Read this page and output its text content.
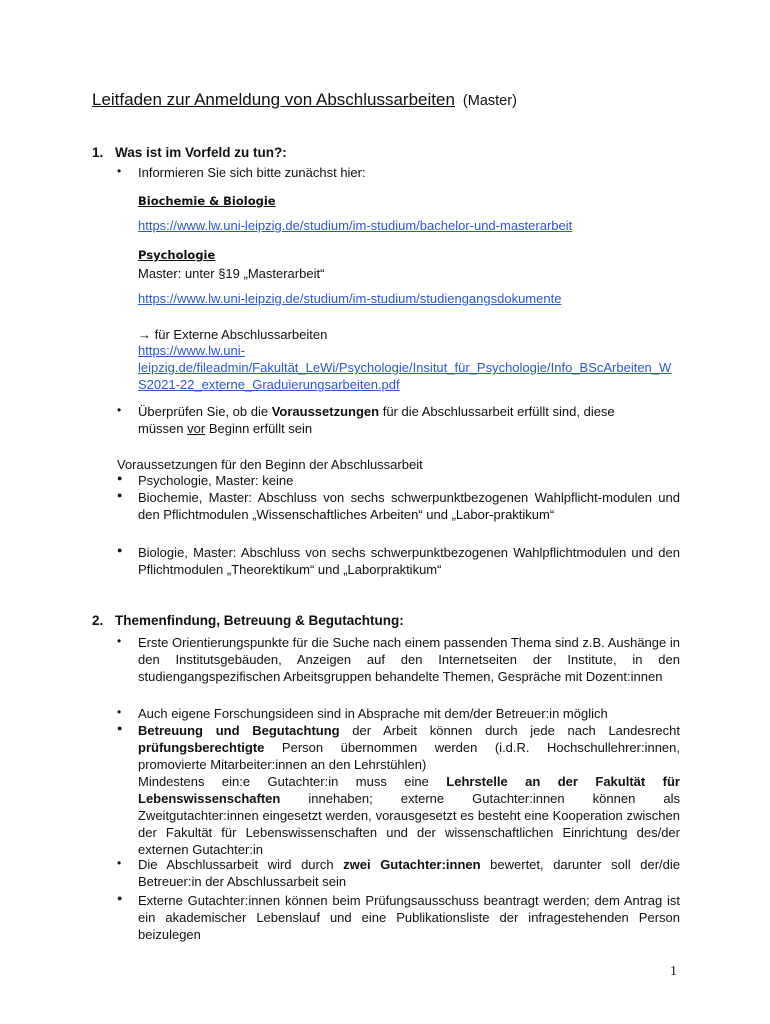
Leitfaden zur Anmeldung von Abschlussarbeiten (Master)
1. Was ist im Vorfeld zu tun?:
• Informieren Sie sich bitte zunächst hier:
Biochemie & Biologie
https://www.lw.uni-leipzig.de/studium/im-studium/bachelor-und-masterarbeit
Psychologie
Master: unter §19 „Masterarbeit“
https://www.lw.uni-leipzig.de/studium/im-studium/studiengangsdokumente
→ für Externe Abschlussarbeiten
https://www.lw.uni-
leipzig.de/fileadmin/Fakultät_LeWi/Psychologie/Insitut_für_Psychologie/Info_BScArbeiten_W
S2021-22_externe_Graduierungsarbeiten.pdf
• Überprüfen Sie, ob die Voraussetzungen für die Abschlussarbeit erfüllt sind, diese
müssen vor Beginn erfüllt sein
Voraussetzungen für den Beginn der Abschlussarbeit
● Psychologie, Master: keine
● Biochemie, Master: Abschluss von sechs schwerpunktbezogenen Wahlpflicht-modulen und den Pflichtmodulen „Wissenschaftliches Arbeiten“ und „Labor-praktikum“
● Biologie, Master: Abschluss von sechs schwerpunktbezogenen Wahlpflichtmodulen und den Pflichtmodulen „Theorektikum“ und „Laborpraktikum“
2. Themenfindung, Betreuung & Begutachtung:
• Erste Orientierungspunkte für die Suche nach einem passenden Thema sind z.B. Aushänge in den Institutsgebäuden, Anzeigen auf den Internetseiten der Institute, in den studiengangspezifischen Arbeitsgruppen behandelte Themen, Gespräche mit Dozent:innen
• Auch eigene Forschungsideen sind in Absprache mit dem/der Betreuer:in möglich
● Betreuung und Begutachtung der Arbeit können durch jede nach Landesrecht prüfungsberechtigte Person übernommen werden (i.d.R. Hochschullehrer:innen, promovierte Mitarbeiter:innen an den Lehrstühlen)
Mindestens ein:e Gutachter:in muss eine Lehrstelle an der Fakultät für Lebenswissenschaften innehaben; externe Gutachter:innen können als Zweitgutachter:innen eingesetzt werden, vorausgesetzt es besteht eine Kooperation zwischen der Fakultät für Lebenswissenschaften und der wissenschaftlichen Einrichtung des/der externen Gutachter:in
• Die Abschlussarbeit wird durch zwei Gutachter:innen bewertet, darunter soll der/die Betreuer:in der Abschlussarbeit sein
● Externe Gutachter:innen können beim Prüfungsausschuss beantragt werden; dem Antrag ist ein akademischer Lebenslauf und eine Publikationsliste der infragestehenden Person beizulegen
1
